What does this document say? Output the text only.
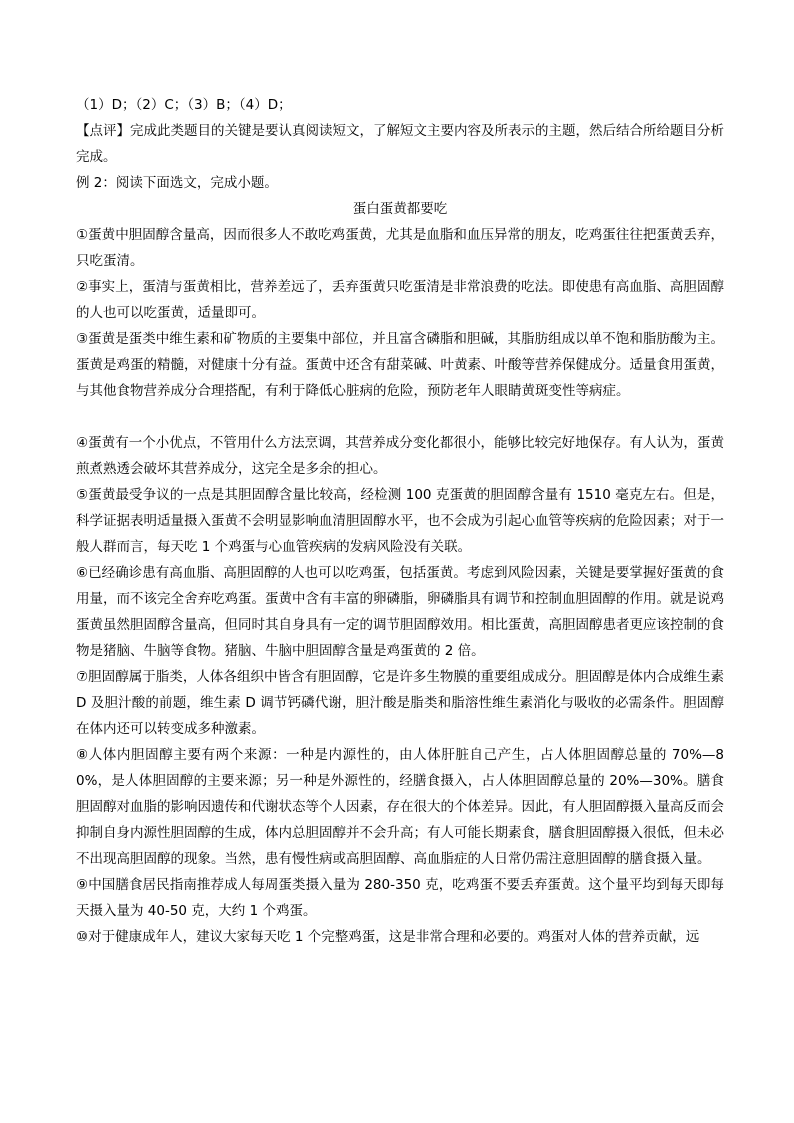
（1）D；（2）C；（3）B；（4）D；

【点评】完成此类题目的关键是要认真阅读短文，了解短文主要内容及所表示的主题，然后结合所给题目分析完成。

例 2：阅读下面选文，完成小题。

蛋白蛋黄都要吃

①蛋黄中胆固醇含量高，因而很多人不敢吃鸡蛋黄，尤其是血脂和血压异常的朋友，吃鸡蛋往往把蛋黄丢弃，只吃蛋清。

②事实上，蛋清与蛋黄相比，营养差远了，丢弃蛋黄只吃蛋清是非常浪费的吃法。即使患有高血脂、高胆固醇的人也可以吃蛋黄，适量即可。

③蛋黄是蛋类中维生素和矿物质的主要集中部位，并且富含磷脂和胆碱，其脂肪组成以单不饱和脂肪酸为主。蛋黄是鸡蛋的精髓，对健康十分有益。蛋黄中还含有甜菜碱、叶黄素、叶酸等营养保健成分。适量食用蛋黄，与其他食物营养成分合理搭配，有利于降低心脏病的危险，预防老年人眼睛黄斑变性等病症。

④蛋黄有一个小优点，不管用什么方法烹调，其营养成分变化都很小，能够比较完好地保存。有人认为，蛋黄煎煮熟透会破坏其营养成分，这完全是多余的担心。

⑤蛋黄最受争议的一点是其胆固醇含量比较高，经检测 100 克蛋黄的胆固醇含量有 1510 毫克左右。但是，科学证据表明适量摄入蛋黄不会明显影响血清胆固醇水平，也不会成为引起心血管等疾病的危险因素；对于一般人群而言，每天吃 1 个鸡蛋与心血管疾病的发病风险没有关联。

⑥已经确诊患有高血脂、高胆固醇的人也可以吃鸡蛋，包括蛋黄。考虑到风险因素，关键是要掌握好蛋黄的食用量，而不该完全舍弃吃鸡蛋。蛋黄中含有丰富的卵磷脂，卵磷脂具有调节和控制血胆固醇的作用。就是说鸡蛋黄虽然胆固醇含量高，但同时其自身具有一定的调节胆固醇效用。相比蛋黄，高胆固醇患者更应该控制的食物是猪脑、牛脑等食物。猪脑、牛脑中胆固醇含量是鸡蛋黄的 2 倍。

⑦胆固醇属于脂类，人体各组织中皆含有胆固醇，它是许多生物膜的重要组成成分。胆固醇是体内合成维生素 D 及胆汁酸的前题，维生素 D 调节钙磷代谢，胆汁酸是脂类和脂溶性维生素消化与吸收的必需条件。胆固醇在体内还可以转变成多种激素。

⑧人体内胆固醇主要有两个来源：一种是内源性的，由人体肝脏自己产生，占人体胆固醇总量的 70%—80%，是人体胆固醇的主要来源；另一种是外源性的，经膳食摄入，占人体胆固醇总量的 20%—30%。膳食胆固醇对血脂的影响因遗传和代谢状态等个人因素，存在很大的个体差异。因此，有人胆固醇摄入量高反而会抑制自身内源性胆固醇的生成，体内总胆固醇并不会升高；有人可能长期素食，膳食胆固醇摄入很低，但未必不出现高胆固醇的现象。当然，患有慢性病或高胆固醇、高血脂症的人日常仍需注意胆固醇的膳食摄入量。

⑨中国膳食居民指南推荐成人每周蛋类摄入量为 280-350 克，吃鸡蛋不要丢弃蛋黄。这个量平均到每天即每天摄入量为 40-50 克，大约 1 个鸡蛋。

⑩对于健康成年人，建议大家每天吃 1 个完整鸡蛋，这是非常合理和必要的。鸡蛋对人体的营养贡献，远
